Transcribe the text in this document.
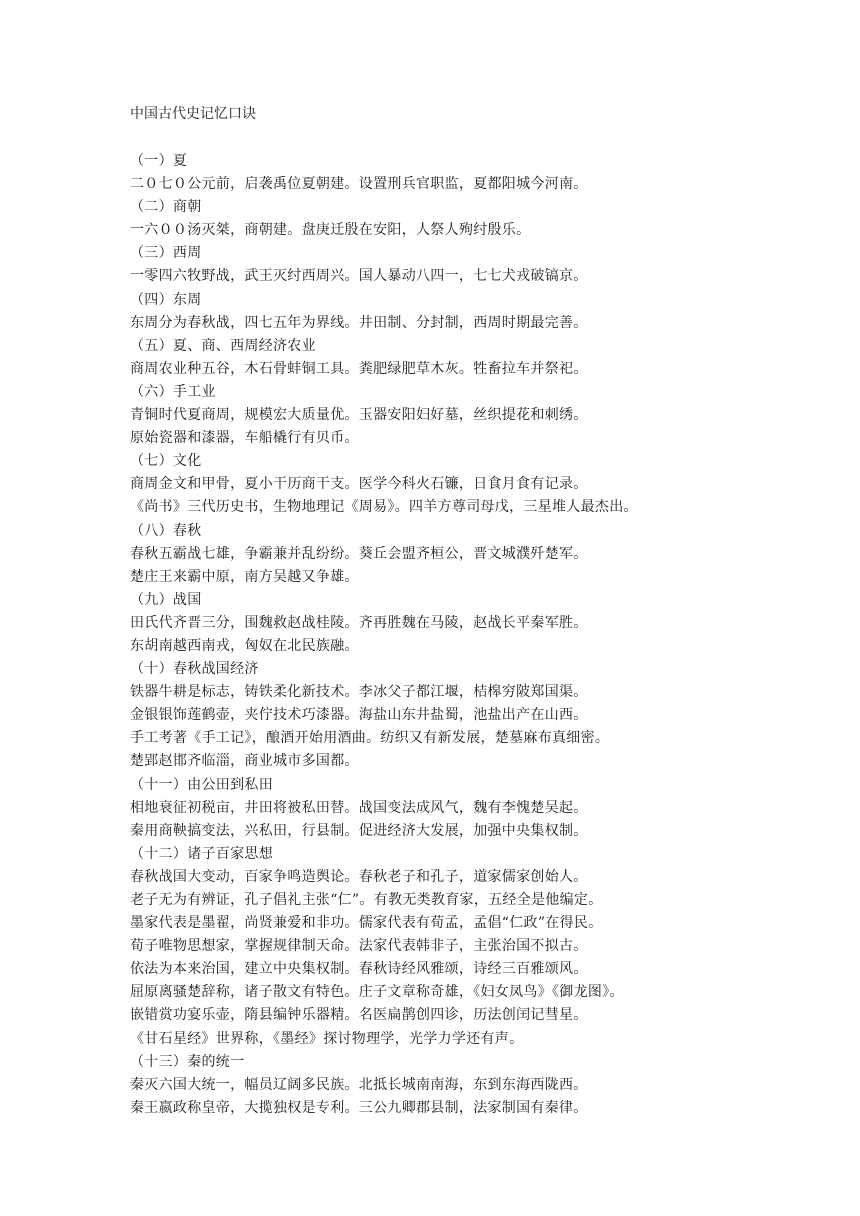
中国古代史记忆口诀
（一）夏
二０七０公元前，启袭禹位夏朝建。设置刑兵官职监，夏都阳城今河南。
（二）商朝
一六００汤灭桀，商朝建。盘庚迁殷在安阳，人祭人殉纣殷乐。
（三）西周
一零四六牧野战，武王灭纣西周兴。国人暴动八四一，七七犬戎破镐京。
（四）东周
东周分为春秋战，四七五年为界线。井田制、分封制，西周时期最完善。
（五）夏、商、西周经济农业
商周农业种五谷，木石骨蚌铜工具。粪肥绿肥草木灰。牲畜拉车并祭祀。
（六）手工业
青铜时代夏商周，规模宏大质量优。玉器安阳妇好墓，丝织提花和刺绣。
原始瓷器和漆器，车船橇行有贝币。
（七）文化
商周金文和甲骨，夏小干历商干支。医学今科火石镰，日食月食有记录。
《尚书》三代历史书，生物地理记《周易》。四羊方尊司母戊，三星堆人最杰出。
（八）春秋
春秋五霸战七雄，争霸兼并乱纷纷。葵丘会盟齐桓公，晋文城濮歼楚军。
楚庄王来霸中原，南方吴越又争雄。
（九）战国
田氏代齐晋三分，围魏救赵战桂陵。齐再胜魏在马陵，赵战长平秦军胜。
东胡南越西南戎，匈奴在北民族融。
（十）春秋战国经济
铁器牛耕是标志，铸铁柔化新技术。李冰父子都江堰，桔槔穷陂郑国渠。
金银银饰莲鹤壶，夹佇技术巧漆器。海盐山东井盐蜀，池盐出产在山西。
手工考著《手工记》，酿酒开始用酒曲。纺织又有新发展，楚墓麻布真细密。
楚郢赵邯齐临淄，商业城市多国都。
（十一）由公田到私田
相地衰征初税亩，井田将被私田替。战国变法成风气，魏有李愧楚吴起。
秦用商鞅搞变法，兴私田，行县制。促进经济大发展，加强中央集权制。
（十二）诸子百家思想
春秋战国大变动，百家争鸣造舆论。春秋老子和孔子，道家儒家创始人。
老子无为有辨证，孔子倡礼主张“仁”。有教无类教育家，五经全是他编定。
墨家代表是墨翟，尚贤兼爱和非功。儒家代表有荀孟，孟倡“仁政”在得民。
荀子唯物思想家，掌握规律制天命。法家代表韩非子，主张治国不拟古。
依法为本来治国，建立中央集权制。春秋诗经风雅颂，诗经三百雅颂风。
屈原离骚楚辞称，诸子散文有特色。庄子文章称奇雄，《妇女凤鸟》《御龙图》。
嵌错赏功宴乐壶，隋县编钟乐器精。名医扁鹊创四诊，历法创闰记彗星。
《甘石星经》世界称，《墨经》探讨物理学，光学力学还有声。
（十三）秦的统一
秦灭六国大统一，幅员辽阔多民族。北抵长城南南海，东到东海西陇西。
秦王嬴政称皇帝，大揽独权是专利。三公九卿郡县制，法家制国有秦律。
